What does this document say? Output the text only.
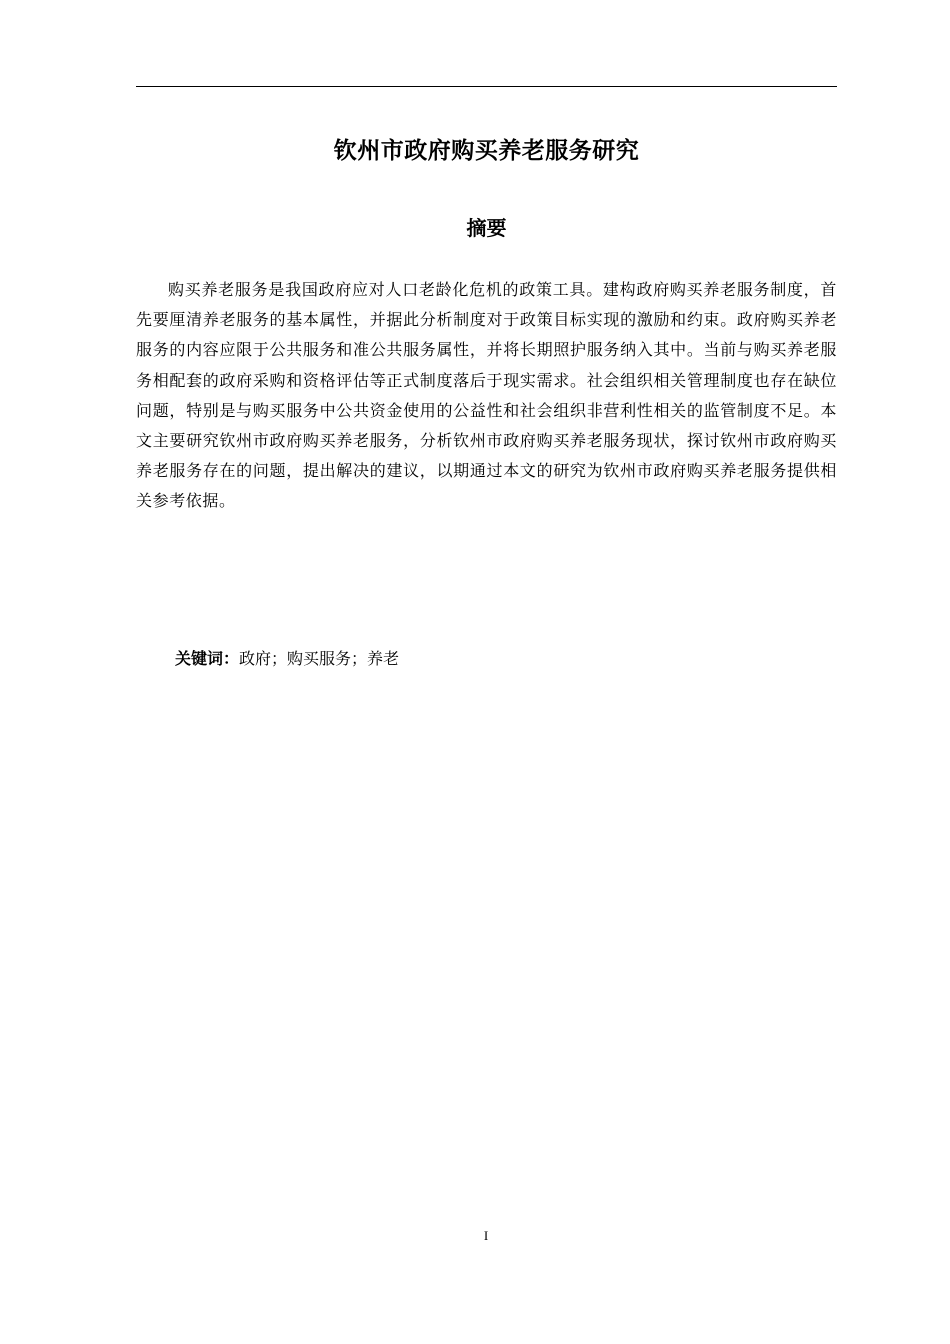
钦州市政府购买养老服务研究
摘要

购买养老服务是我国政府应对人口老龄化危机的政策工具。建构政府购买养老服务制度，首先要厘清养老服务的基本属性，并据此分析制度对于政策目标实现的激励和约束。政府购买养老服务的内容应限于公共服务和准公共服务属性，并将长期照护服务纳入其中。当前与购买养老服务相配套的政府采购和资格评估等正式制度落后于现实需求。社会组织相关管理制度也存在缺位问题，特别是与购买服务中公共资金使用的公益性和社会组织非营利性相关的监管制度不足。本文主要研究钦州市政府购买养老服务，分析钦州市政府购买养老服务现状，探讨钦州市政府购买养老服务存在的问题，提出解决的建议，以期通过本文的研究为钦州市政府购买养老服务提供相关参考依据。

关键词：政府；购买服务；养老
I
